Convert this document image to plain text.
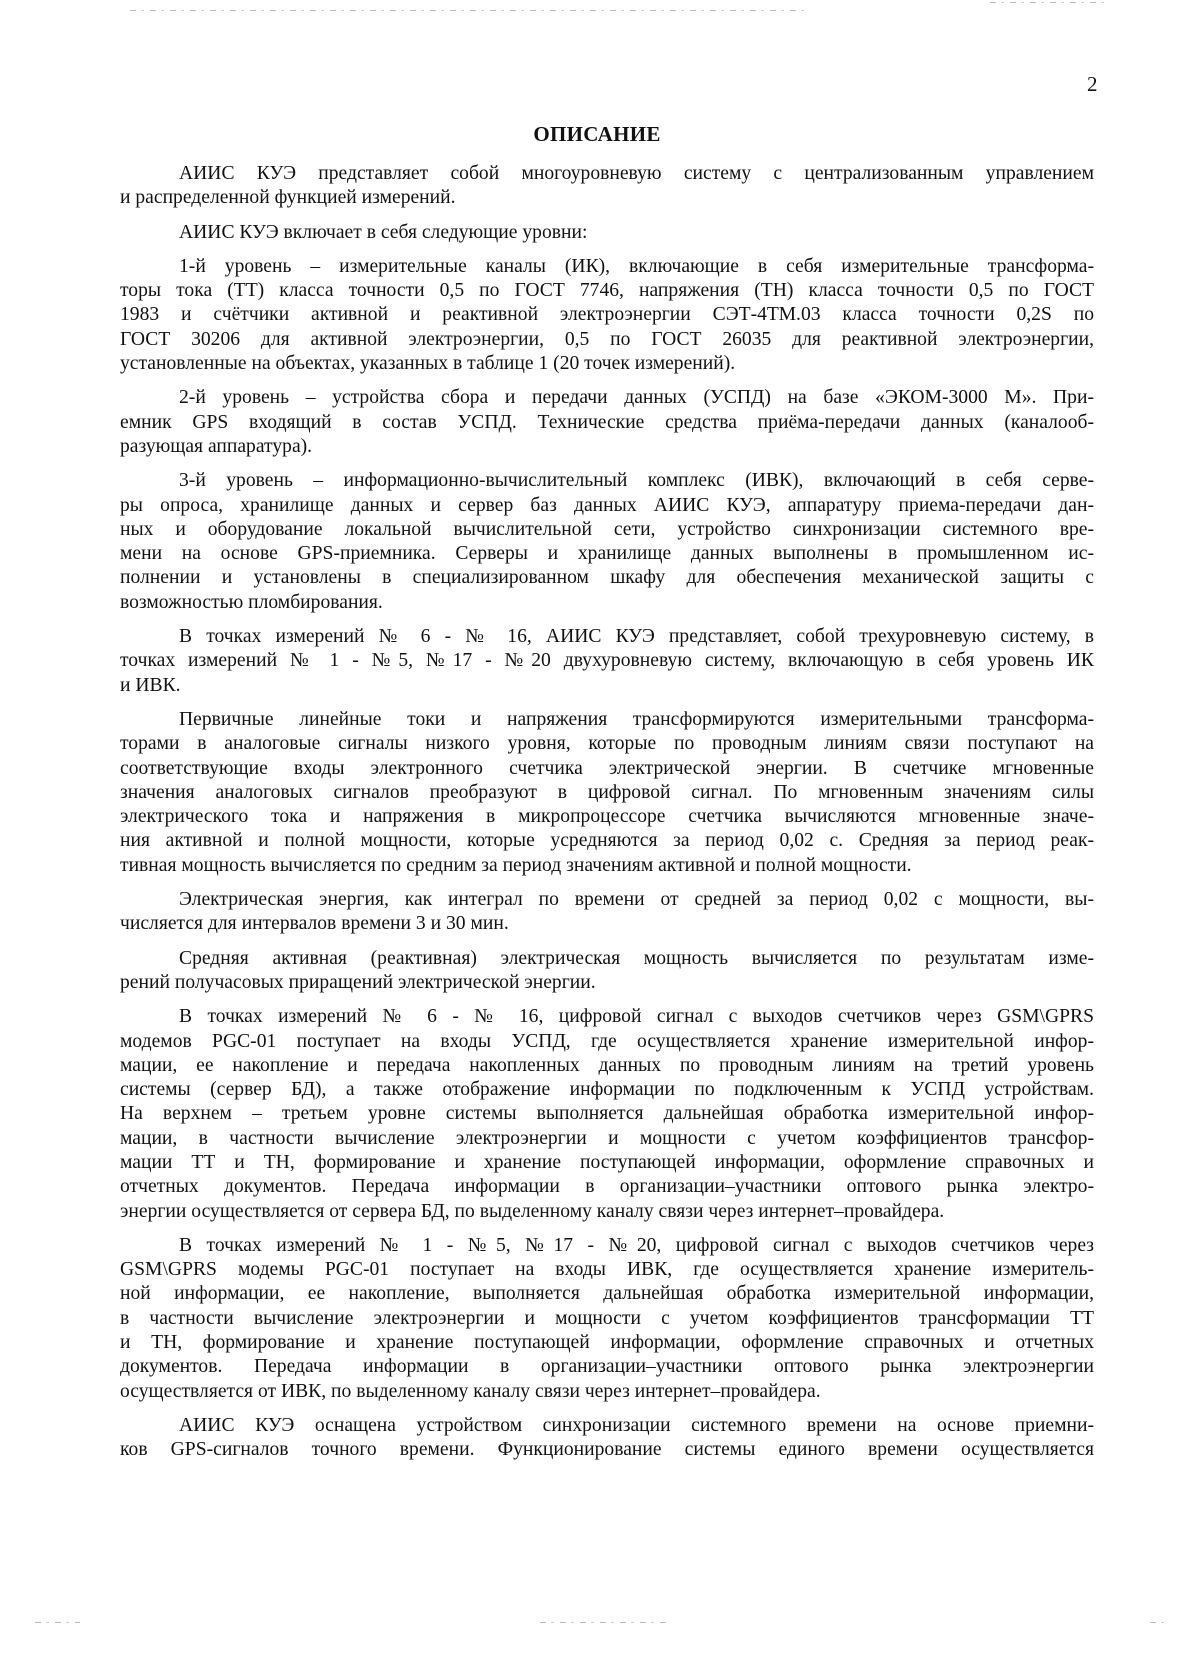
2
ОПИСАНИЕ
АИИС КУЭ представляет собой многоуровневую систему с централизованным управлением
и распределенной функцией измерений.
АИИС КУЭ включает в себя следующие уровни:
1-й уровень – измерительные каналы (ИК), включающие в себя измерительные трансформа-
торы тока (ТТ) класса точности 0,5 по ГОСТ 7746, напряжения (ТН) класса точности 0,5 по ГОСТ
1983 и счётчики активной и реактивной электроэнергии СЭТ-4ТМ.03 класса точности 0,2S по
ГОСТ 30206 для активной электроэнергии, 0,5 по ГОСТ 26035 для реактивной электроэнергии,
установленные на объектах, указанных в таблице 1 (20 точек измерений).
2-й уровень – устройства сбора и передачи данных (УСПД) на базе «ЭКОМ-3000 М». При-
емник GPS входящий в состав УСПД. Технические средства приёма-передачи данных (каналооб-
разующая аппаратура).
3-й уровень – информационно-вычислительный комплекс (ИВК), включающий в себя серве-
ры опроса, хранилище данных и сервер баз данных АИИС КУЭ, аппаратуру приема-передачи дан-
ных и оборудование локальной вычислительной сети, устройство синхронизации системного вре-
мени на основе GPS-приемника. Серверы и хранилище данных выполнены в промышленном ис-
полнении и установлены в специализированном шкафу для обеспечения механической защиты с
возможностью пломбирования.
В точках измерений № 6 - № 16, АИИС КУЭ представляет, собой трехуровневую систему, в
точках измерений № 1 - №5, №17 - №20 двухуровневую систему, включающую в себя уровень ИК
и ИВК.
Первичные линейные токи и напряжения трансформируются измерительными трансформа-
торами в аналоговые сигналы низкого уровня, которые по проводным линиям связи поступают на
соответствующие входы электронного счетчика электрической энергии. В счетчике мгновенные
значения аналоговых сигналов преобразуют в цифровой сигнал. По мгновенным значениям силы
электрического тока и напряжения в микропроцессоре счетчика вычисляются мгновенные значе-
ния активной и полной мощности, которые усредняются за период 0,02 с. Средняя за период реак-
тивная мощность вычисляется по средним за период значениям активной и полной мощности.
Электрическая энергия, как интеграл по времени от средней за период 0,02 с мощности, вы-
числяется для интервалов времени 3 и 30 мин.
Средняя активная (реактивная) электрическая мощность вычисляется по результатам изме-
рений получасовых приращений электрической энергии.
В точках измерений № 6 - № 16, цифровой сигнал с выходов счетчиков через GSM\GPRS
модемов PGC-01 поступает на входы УСПД, где осуществляется хранение измерительной инфор-
мации, ее накопление и передача накопленных данных по проводным линиям на третий уровень
системы (сервер БД), а также отображение информации по подключенным к УСПД устройствам.
На верхнем – третьем уровне системы выполняется дальнейшая обработка измерительной инфор-
мации, в частности вычисление электроэнергии и мощности с учетом коэффициентов трансфор-
мации ТТ и ТН, формирование и хранение поступающей информации, оформление справочных и
отчетных документов. Передача информации в организации–участники оптового рынка электро-
энергии осуществляется от сервера БД, по выделенному каналу связи через интернет–провайдера.
В точках измерений № 1 - №5, №17 - №20, цифровой сигнал с выходов счетчиков через
GSM\GPRS модемы PGC-01 поступает на входы ИВК, где осуществляется хранение измеритель-
ной информации, ее накопление, выполняется дальнейшая обработка измерительной информации,
в частности вычисление электроэнергии и мощности с учетом коэффициентов трансформации ТТ
и ТН, формирование и хранение поступающей информации, оформление справочных и отчетных
документов. Передача информации в организации–участники оптового рынка электроэнергии
осуществляется от ИВК, по выделенному каналу связи через интернет–провайдера.
АИИС КУЭ оснащена устройством синхронизации системного времени на основе приемни-
ков GPS-сигналов точного времени. Функционирование системы единого времени осуществляется
